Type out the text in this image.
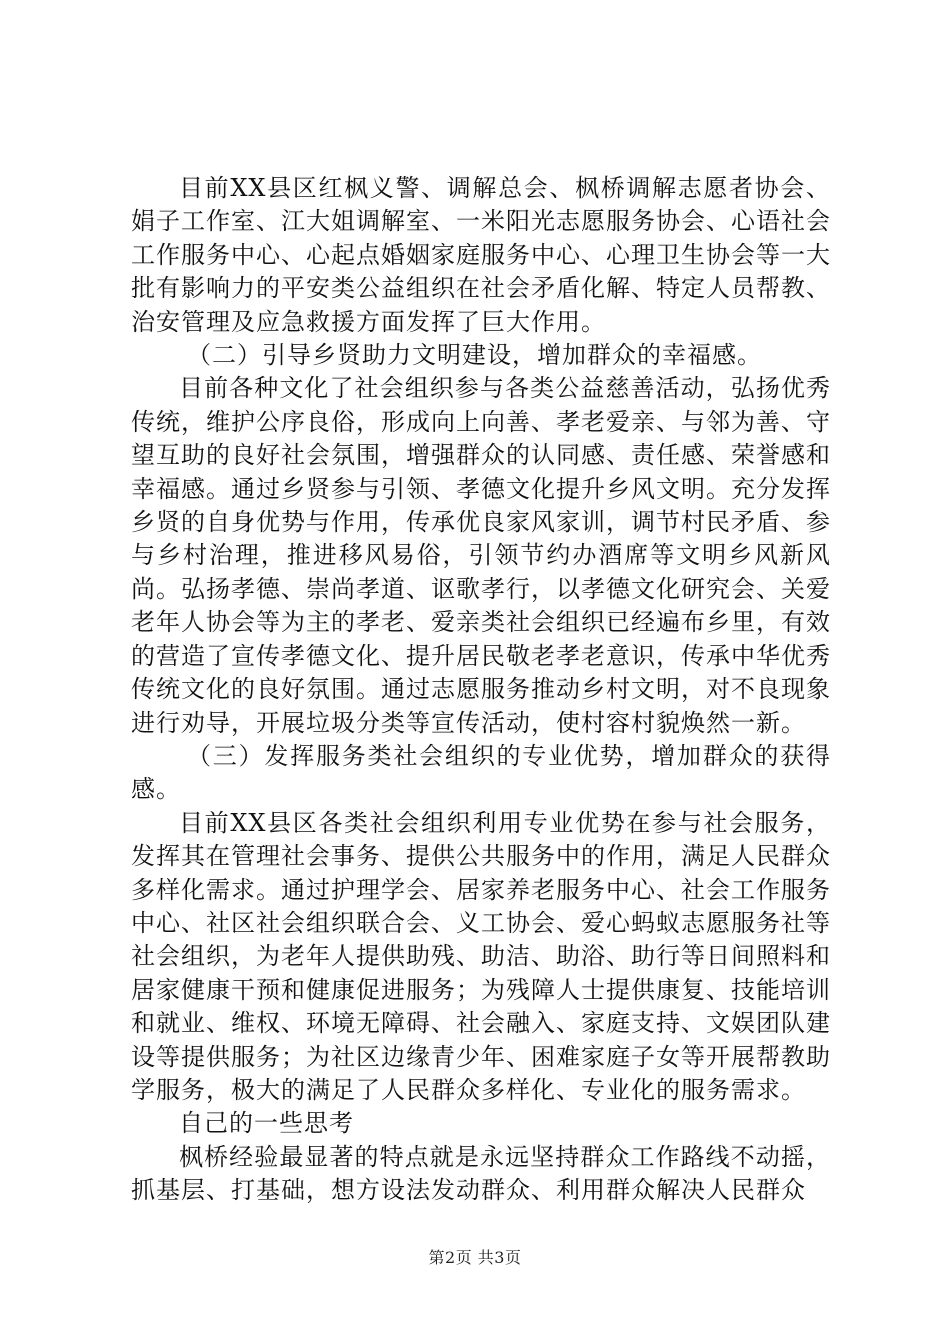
目前XX县区红枫义警、调解总会、枫桥调解志愿者协会、娟子工作室、江大姐调解室、一米阳光志愿服务协会、心语社会工作服务中心、心起点婚姻家庭服务中心、心理卫生协会等一大批有影响力的平安类公益组织在社会矛盾化解、特定人员帮教、治安管理及应急救援方面发挥了巨大作用。

（二）引导乡贤助力文明建设，增加群众的幸福感。

目前各种文化了社会组织参与各类公益慈善活动，弘扬优秀传统，维护公序良俗，形成向上向善、孝老爱亲、与邻为善、守望互助的良好社会氛围，增强群众的认同感、责任感、荣誉感和幸福感。通过乡贤参与引领、孝德文化提升乡风文明。充分发挥乡贤的自身优势与作用，传承优良家风家训，调节村民矛盾、参与乡村治理，推进移风易俗，引领节约办酒席等文明乡风新风尚。弘扬孝德、崇尚孝道、讴歌孝行，以孝德文化研究会、关爱老年人协会等为主的孝老、爱亲类社会组织已经遍布乡里，有效的营造了宣传孝德文化、提升居民敬老孝老意识，传承中华优秀传统文化的良好氛围。通过志愿服务推动乡村文明，对不良现象进行劝导，开展垃圾分类等宣传活动，使村容村貌焕然一新。

（三）发挥服务类社会组织的专业优势，增加群众的获得感。

目前XX县区各类社会组织利用专业优势在参与社会服务，发挥其在管理社会事务、提供公共服务中的作用，满足人民群众多样化需求。通过护理学会、居家养老服务中心、社会工作服务中心、社区社会组织联合会、义工协会、爱心蚂蚁志愿服务社等社会组织，为老年人提供助残、助洁、助浴、助行等日间照料和居家健康干预和健康促进服务；为残障人士提供康复、技能培训和就业、维权、环境无障碍、社会融入、家庭支持、文娱团队建设等提供服务；为社区边缘青少年、困难家庭子女等开展帮教助学服务，极大的满足了人民群众多样化、专业化的服务需求。

自己的一些思考

枫桥经验最显著的特点就是永远坚持群众工作路线不动摇，抓基层、打基础，想方设法发动群众、利用群众解决人民群众

第2页 共3页
